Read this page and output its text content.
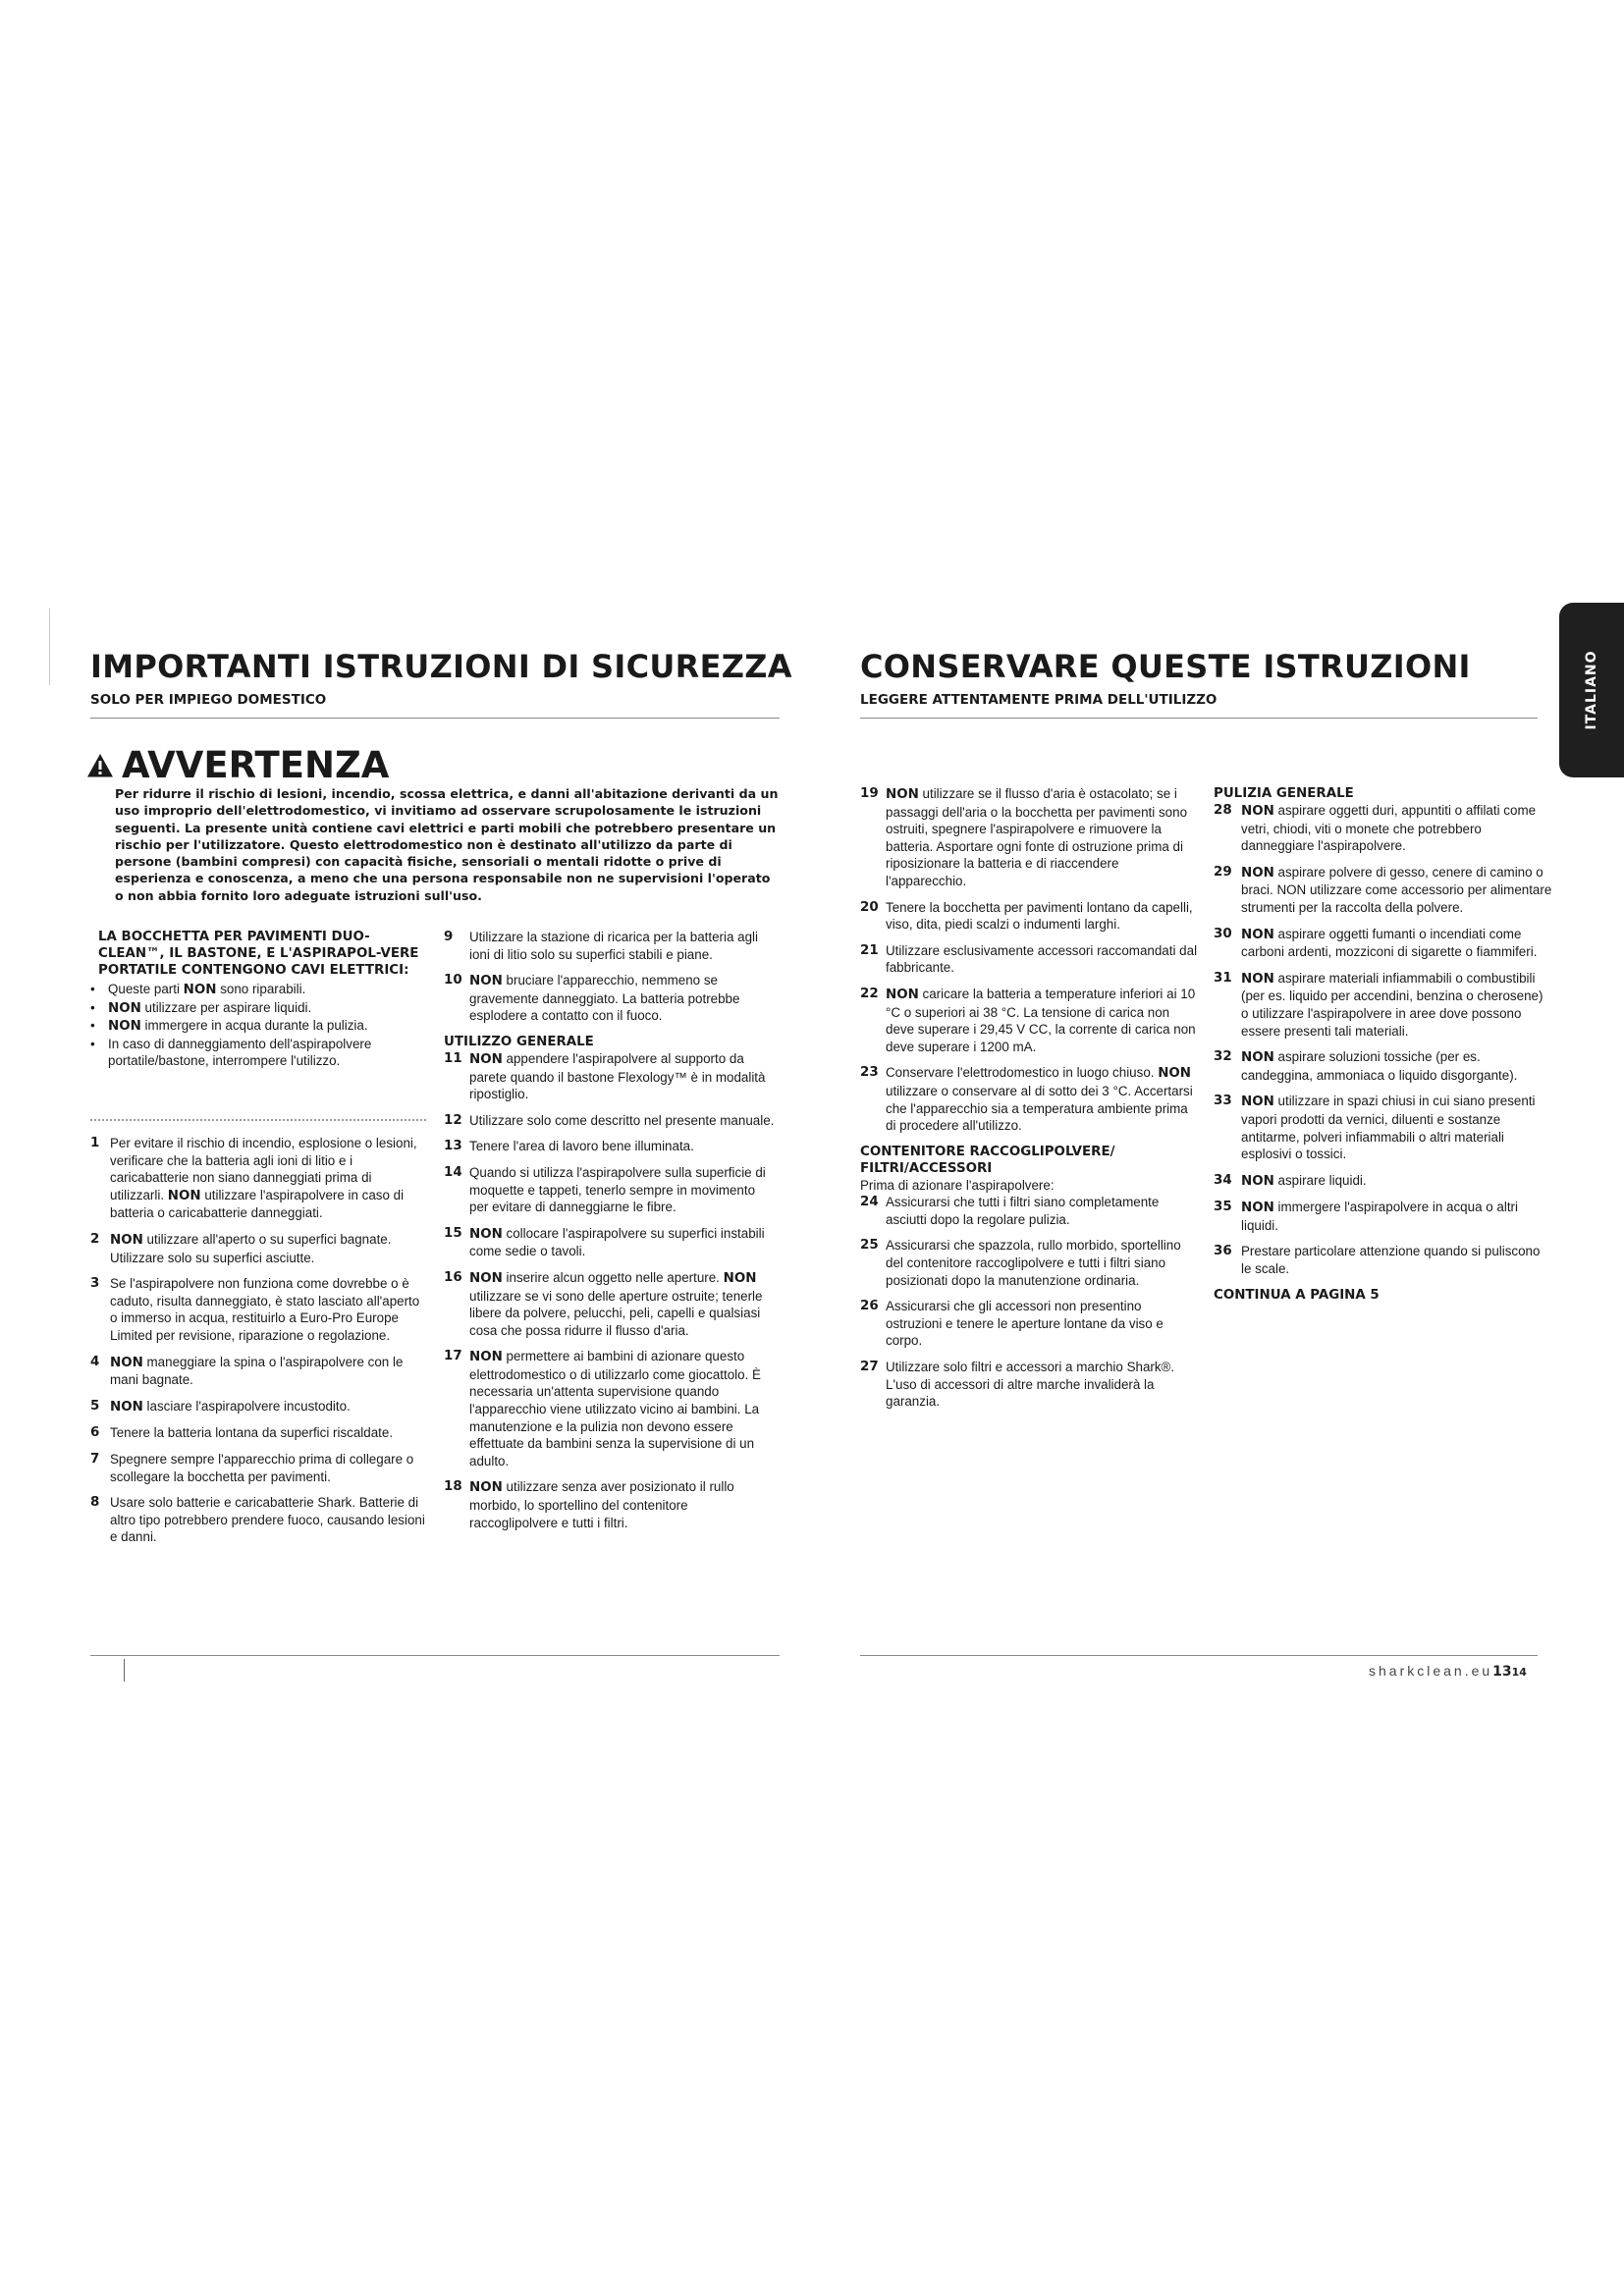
IMPORTANTI ISTRUZIONI DI SICUREZZA

SOLO PER IMPIEGO DOMESTICO

CONSERVARE QUESTE ISTRUZIONI

LEGGERE ATTENTAMENTE PRIMA DELL'UTILIZZO	ITALIANO
AVVERTENZA
Per ridurre il rischio di lesioni, incendio, scossa elettrica, e danni all'abitazione derivanti da un uso improprio dell'elettrodomestico, vi invitiamo ad osservare scrupolosamente le istruzioni seguenti. La presente unità contiene cavi elettrici e parti mobili che potrebbero presentare un rischio per l'utilizzatore. Questo elettrodomestico non è destinato all'utilizzo da parte di persone (bambini compresi) con capacità fisiche, sensoriali o mentali ridotte o prive di esperienza e conoscenza, a meno che una persona responsabile non ne supervisioni l'operato o non abbia fornito loro adeguate istruzioni sull'uso.

LA BOCCHETTA PER PAVIMENTI DUO-CLEAN™, IL BASTONE, E L'ASPIRAPOL-VERE PORTATILE CONTENGONO CAVI ELETTRICI:

• Queste parti NON sono riparabili.
• NON utilizzare per aspirare liquidi.
• NON immergere in acqua durante la pulizia.
• In caso di danneggiamento dell'aspirapolvere portatile/bastone, interrompere l'utilizzo.
1 Per evitare il rischio di incendio, esplosione o lesioni, verificare che la batteria agli ioni di litio e i caricabatterie non siano danneggiati prima di utilizzarli. NON utilizzare l'aspirapolvere in caso di batteria o caricabatterie danneggiati.
2 NON utilizzare all'aperto o su superfici bagnate. Utilizzare solo su superfici asciutte.
3 Se l'aspirapolvere non funziona come dovrebbe o è caduto, risulta danneggiato, è stato lasciato all'aperto o immerso in acqua, restituirlo a Euro-Pro Europe Limited per revisione, riparazione o regolazione.
4 NON maneggiare la spina o l'aspirapolvere con le mani bagnate.
5 NON lasciare l'aspirapolvere incustodito.
6 Tenere la batteria lontana da superfici riscaldate.
7 Spegnere sempre l'apparecchio prima di collegare o scollegare la bocchetta per pavimenti.
8 Usare solo batterie e caricabatterie Shark. Batterie di altro tipo potrebbero prendere fuoco, causando lesioni e danni.
9	Utilizzare la stazione di ricarica per la batteria agli ioni di litio solo su superfici stabili e piane.
10 NON bruciare l'apparecchio, nemmeno se gravemente danneggiato. La batteria potrebbe esplodere a contatto con il fuoco.

UTILIZZO GENERALE

11 NON appendere l'aspirapolvere al supporto da parete quando il bastone Flexology™ è in modalità ripostiglio.
12 Utilizzare solo come descritto nel presente manuale.
13 Tenere l'area di lavoro bene illuminata.
14 Quando si utilizza l'aspirapolvere sulla superficie di moquette e tappeti, tenerlo sempre in movimento per evitare di danneggiarne le fibre.
15 NON collocare l'aspirapolvere su superfici instabili come sedie o tavoli.
16 NON inserire alcun oggetto nelle aperture. NON utilizzare se vi sono delle aperture ostruite; tenerle libere da polvere, pelucchi, peli, capelli e qualsiasi cosa che possa ridurre il flusso d'aria.
17 NON permettere ai bambini di azionare questo elettrodomestico o di utilizzarlo come giocattolo. È necessaria un'attenta supervisione quando l'apparecchio viene utilizzato vicino ai bambini. La manutenzione e la pulizia non devono essere effettuate da bambini senza la supervisione di un adulto.
18 NON utilizzare senza aver posizionato il rullo morbido, lo sportellino del contenitore raccoglipolvere e tutti i filtri.
19 NON utilizzare se il flusso d'aria è ostacolato; se i passaggi dell'aria o la bocchetta per pavimenti sono ostruiti, spegnere l'aspirapolvere e rimuovere la batteria. Asportare ogni fonte di ostruzione prima di riposizionare la batteria e di riaccendere l'apparecchio.
20 Tenere la bocchetta per pavimenti lontano da capelli, viso, dita, piedi scalzi o indumenti larghi.
21 Utilizzare esclusivamente accessori raccomandati dal fabbricante.
22 NON caricare la batteria a temperature inferiori ai 10 °C o superiori ai 38 °C. La tensione di carica non deve superare i 29,45 V CC, la corrente di carica non deve superare i 1200 mA.
23 Conservare l'elettrodomestico in luogo chiuso. NON utilizzare o conservare al di sotto dei 3 °C. Accertarsi che l'apparecchio sia a temperatura ambiente prima di procedere all'utilizzo.

CONTENITORE RACCOGLIPOLVERE/ FILTRI/ACCESSORI

Prima di azionare l'aspirapolvere:

24 Assicurarsi che tutti i filtri siano completamente asciutti dopo la regolare pulizia.
25 Assicurarsi che spazzola, rullo morbido, sportellino del contenitore raccoglipolvere e tutti i filtri siano posizionati dopo la manutenzione ordinaria.
26 Assicurarsi che gli accessori non presentino ostruzioni e tenere le aperture lontane da viso e corpo.
27 Utilizzare solo filtri e accessori a marchio Shark®. L'uso di accessori di altre marche invaliderà la garanzia.

PULIZIA GENERALE

28 NON aspirare oggetti duri, appuntiti o affilati come vetri, chiodi, viti o monete che potrebbero danneggiare l'aspirapolvere.
29 NON aspirare polvere di gesso, cenere di camino o braci. NON utilizzare come accessorio per alimentare strumenti per la raccolta della polvere.
30 NON aspirare oggetti fumanti o incendiati come carboni ardenti, mozziconi di sigarette o fiammiferi.
31 NON aspirare materiali infiammabili o combustibili (per es. liquido per accendini, benzina o cherosene) o utilizzare l'aspirapolvere in aree dove possono essere presenti tali materiali.
32 NON aspirare soluzioni tossiche (per es. candeggina, ammoniaca o liquido disgorgante).
33 NON utilizzare in spazi chiusi in cui siano presenti vapori prodotti da vernici, diluenti e sostanze antitarme, polveri infiammabili o altri materiali esplosivi o tossici.
34 NON aspirare liquidi.
35 NON immergere l'aspirapolvere in acqua o altri liquidi.
36 Prestare particolare attenzione quando si puliscono le scale.

CONTINUA A PAGINA 5

sharkclean.eu1314
